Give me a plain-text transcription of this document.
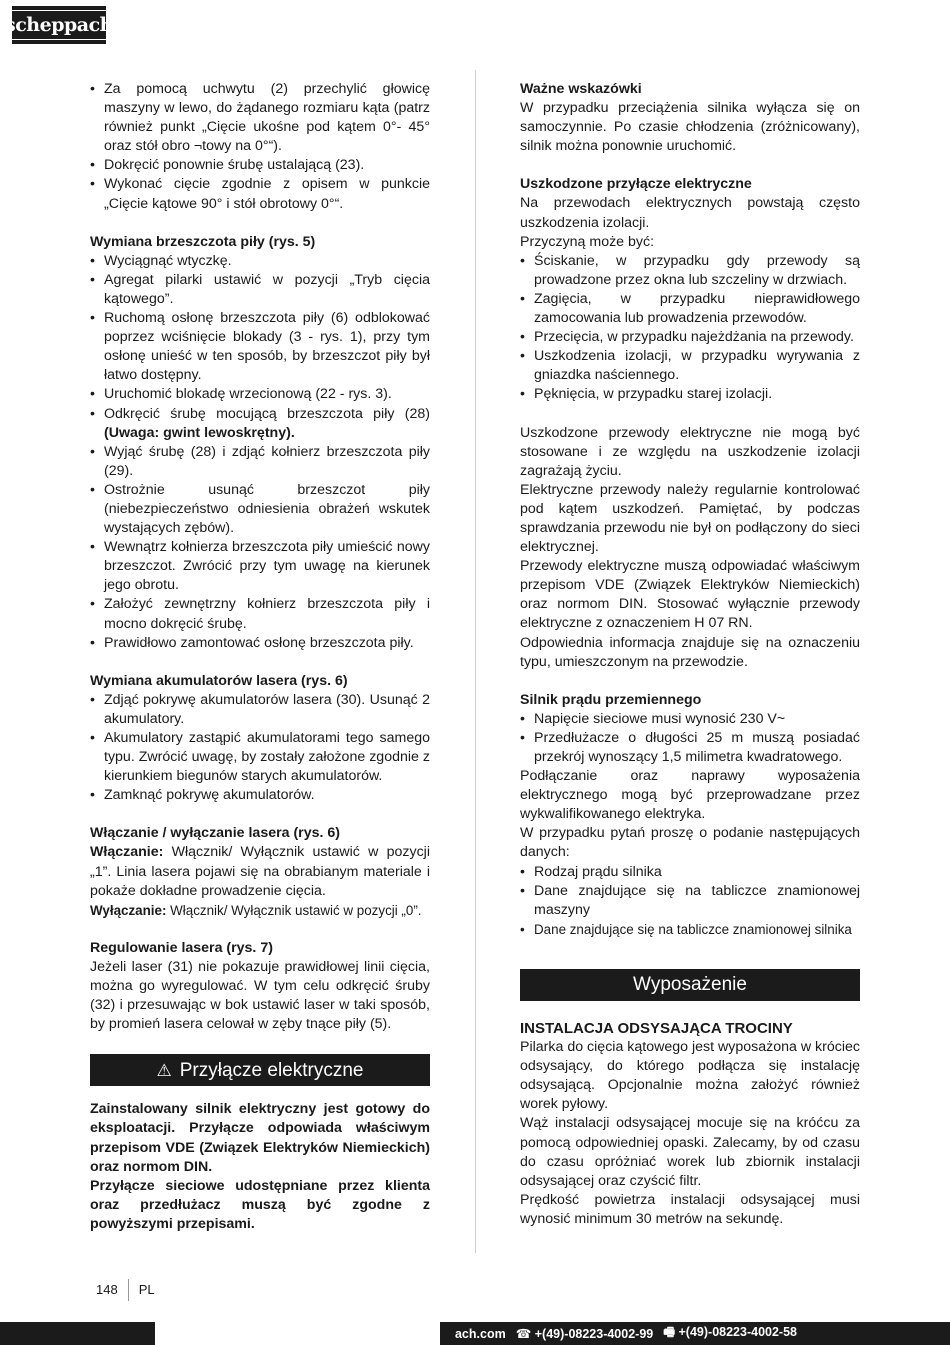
scheppach
• Za pomocą uchwytu (2) przechylić głowicę maszyny w lewo, do żądanego rozmiaru kąta (patrz również punkt „Cięcie ukośne pod kątem 0°- 45° oraz stół obro ¬towy na 0°“).
• Dokręcić ponownie śrubę ustalającą (23).
• Wykonać cięcie zgodnie z opisem w punkcie „Cięcie kątowe 90° i stół obrotowy 0°“.

Wymiana brzeszczota piły (rys. 5)

• Wyciągnąć wtyczkę.
• Agregat pilarki ustawić w pozycji „Tryb cięcia kątowego”.
• Ruchomą osłonę brzeszczota piły (6) odblokować poprzez wciśnięcie blokady (3 - rys. 1), przy tym osłonę unieść w ten sposób, by brzeszczot piły był łatwo dostępny.
• Uruchomić blokadę wrzecionową (22 - rys. 3).
• Odkręcić śrubę mocującą brzeszczota piły (28) (Uwaga: gwint lewoskrętny).
• Wyjąć śrubę (28) i zdjąć kołnierz brzeszczota piły (29).
• Ostrożnie usunąć brzeszczot piły (niebezpieczeństwo odniesienia obrażeń wskutek wystających zębów).
• Wewnątrz kołnierza brzeszczota piły umieścić nowy brzeszczot. Zwrócić przy tym uwagę na kierunek jego obrotu.
• Założyć zewnętrzny kołnierz brzeszczota piły i mocno dokręcić śrubę.
• Prawidłowo zamontować osłonę brzeszczota piły.

Wymiana akumulatorów lasera (rys. 6)

• Zdjąć pokrywę akumulatorów lasera (30). Usunąć 2 akumulatory.
• Akumulatory zastąpić akumulatorami tego samego typu. Zwrócić uwagę, by zostały założone zgodnie z kierunkiem biegunów starych akumulatorów.
• Zamknąć pokrywę akumulatorów.

Włączanie / wyłączanie lasera (rys. 6)

Włączanie: Włącznik/ Wyłącznik ustawić w pozycji „1”. Linia lasera pojawi się na obrabianym materiale i pokaże dokładne prowadzenie cięcia.

Wyłączanie: Włącznik/ Wyłącznik ustawić w pozycji „0”.

Regulowanie lasera (rys. 7)

Jeżeli laser (31) nie pokazuje prawidłowej linii cięcia, można go wyregulować. W tym celu odkręcić śruby (32) i przesuwając w bok ustawić laser w taki sposób, by promień lasera celował w zęby tnące piły (5).

⚠ Przyłącze elektryczne

Zainstalowany silnik elektryczny jest gotowy do eksploatacji. Przyłącze odpowiada właściwym przepisom VDE (Związek Elektryków Niemieckich) oraz normom DIN.

Przyłącze sieciowe udostępniane przez klienta oraz przedłużacz muszą być zgodne z powyższymi przepisami.

Ważne wskazówki

W przypadku przeciążenia silnika wyłącza się on samoczynnie. Po czasie chłodzenia (zróżnicowany), silnik można ponownie uruchomić.

Uszkodzone przyłącze elektryczne

Na przewodach elektrycznych powstają często uszkodzenia izolacji.

Przyczyną może być:

• Ściskanie, w przypadku gdy przewody są prowadzone przez okna lub szczeliny w drzwiach.
• Zagięcia, w przypadku nieprawidłowego zamocowania lub prowadzenia przewodów.
• Przecięcia, w przypadku najeżdżania na przewody.
• Uszkodzenia izolacji, w przypadku wyrywania z gniazdka naściennego.
• Pęknięcia, w przypadku starej izolacji.

Uszkodzone przewody elektryczne nie mogą być stosowane i ze względu na uszkodzenie izolacji zagrażają życiu.

Elektryczne przewody należy regularnie kontrolować pod kątem uszkodzeń. Pamiętać, by podczas sprawdzania przewodu nie był on podłączony do sieci elektrycznej.

Przewody elektryczne muszą odpowiadać właściwym przepisom VDE (Związek Elektryków Niemieckich) oraz normom DIN. Stosować wyłącznie przewody elektryczne z oznaczeniem H 07 RN.

Odpowiednia informacja znajduje się na oznaczeniu typu, umieszczonym na przewodzie.

Silnik prądu przemiennego

• Napięcie sieciowe musi wynosić 230 V~
• Przedłużacze o długości 25 m muszą posiadać przekrój wynoszący 1,5 milimetra kwadratowego.

Podłączanie oraz naprawy wyposażenia elektrycznego mogą być przeprowadzane przez wykwalifikowanego elektryka.

W przypadku pytań proszę o podanie następujących danych:

• Rodzaj prądu silnika
• Dane znajdujące się na tabliczce znamionowej maszyny
• Dane znajdujące się na tabliczce znamionowej silnika
Wyposażenie

INSTALACJA ODSYSAJĄCA TROCINY

Pilarka do cięcia kątowego jest wyposażona w króciec odsysający, do którego podłącza się instalację odsysającą. Opcjonalnie można założyć również worek pyłowy.

Wąż instalacji odsysającej mocuje się na króćcu za pomocą odpowiedniej opaski. Zalecamy, by od czasu do czasu opróżniać worek lub zbiornik instalacji odsysającej oraz czyścić filtr.

Prędkość powietrza instalacji odsysającej musi wynosić minimum 30 metrów na sekundę.

148 PL
ach.com ☎ +(49)-08223-4002-99 🖷 +(49)-08223-4002-58
